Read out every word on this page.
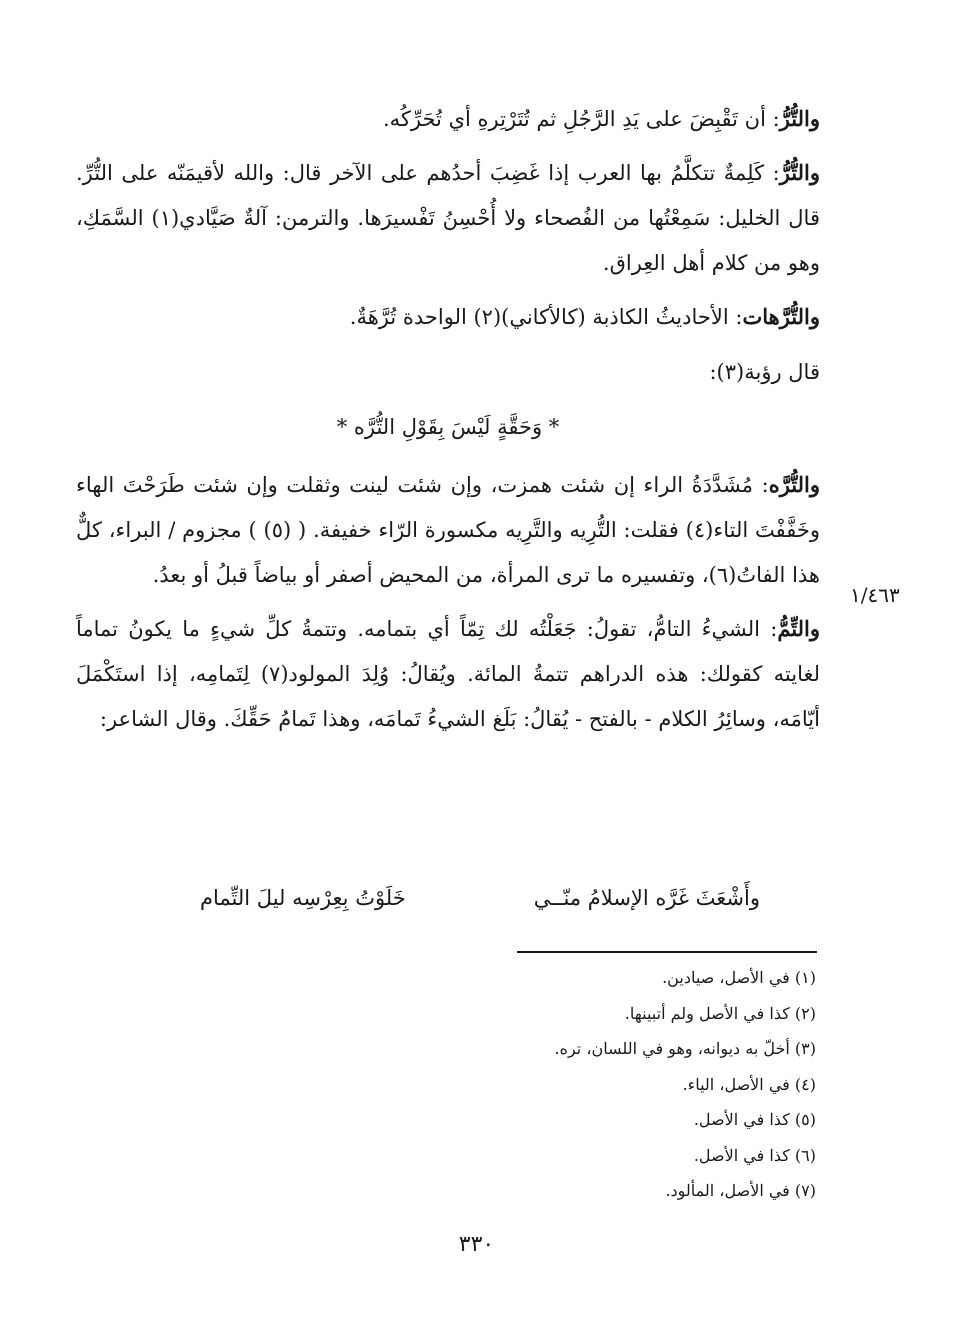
والتُّرُّ: أن تَقْبِضَ على يَدِ الرَّجُلِ ثم تُتَرْتِرهِ أي تُحَرِّكُه.

والتُّرُّ: كَلِمةٌ تتكلَّمُ بها العرب إذا غَضِبَ أحدُهم على الآخر قال: والله لأقيمَنّه على التُّرِّ. قال الخليل: سَمِعْتُها من الفُصحاء ولا أُحْسِنُ تَفْسيرَها. والترمن: آلةٌ صَيَّادي(١) السَّمَكِ، وهو من كلام أهل العِراق.

والتُّرَّهات: الأحاديثُ الكاذبة (كالأكاني)(٢) الواحدة تُرَّهَةٌ.

قال رؤبة(٣):

* وَحَقَّةٍ لَيْسَ بِقَوْلِ التُّرَّه *

والتُّرَّه: مُشَدَّدَةُ الراء إن شئت همزت، وإن شئت لينت وثقلت وإن شئت طَرَحْتَ الهاء وخَفَّفْتَ التاء(٤) فقلت: التُّرِيه والتَّرِيه مكسورة الرّاء خفيفة. ( (٥) ) مجزوم / البراء، كلٌّ هذا الفاتُ(٦)، وتفسيره ما ترى المرأة، من المحيض أصفر أو بياضاً قبلُ أو بعدُ.

والتِّمُّ: الشيءُ التامُّ، تقولُ: جَعَلْتُه لك تِمّاً أي بتمامه. وتتمةُ كلِّ شيءٍ ما يكونُ تماماً لغايته كقولك: هذه الدراهم تتمةُ المائة. ويُقالُ: وُلِدَ المولود(٧) لِتَمامِه، إذا استَكْمَلَ أيّامَه، وسائِرُ الكلام - بالفتح - يُقالُ: بَلَغ الشيءُ تَمامَه، وهذا تَمامُ حَقِّكَ. وقال الشاعر:

وأَشْعَثَ غَرَّه الإسلامُ منّــي
خَلَوْتُ بِعِرْسِه ليلَ التِّمام
١/٤٦٣

(١) في الأصل، صيادين.

(٢) كذا في الأصل ولم أتبينها.

(٣) أخلّ به ديوانه، وهو في اللسان، تره.

(٤) في الأصل، الياء.

(٥) كذا في الأصل.

(٦) كذا في الأصل.

(٧) في الأصل، المألود.

٣٣٠
